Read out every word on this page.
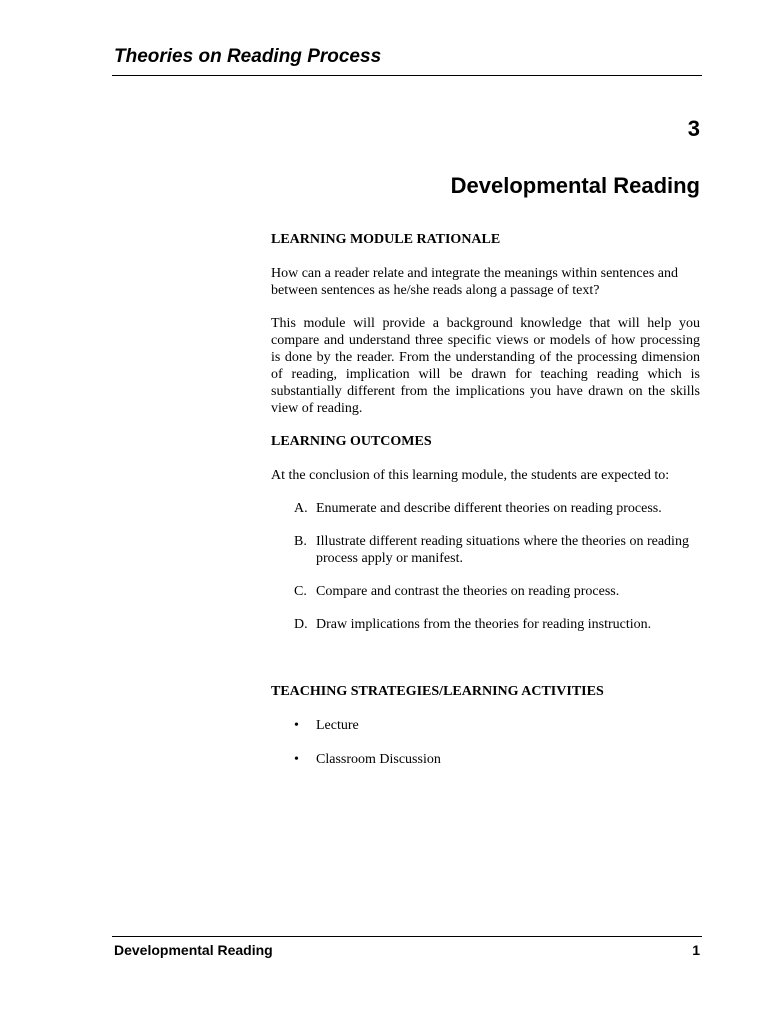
Theories on Reading Process

3

Developmental Reading
LEARNING MODULE RATIONALE

How can a reader relate and integrate the meanings within sentences and between sentences as he/she reads along a passage of text?

This module will provide a background knowledge that will help you compare and understand three specific views or models of how processing is done by the reader. From the understanding of the processing dimension of reading, implication will be drawn for teaching reading which is substantially different from the implications you have drawn on the skills view of reading.

LEARNING OUTCOMES

At the conclusion of this learning module, the students are expected to:

A. Enumerate and describe different theories on reading process.
B. Illustrate different reading situations where the theories on reading process apply or manifest.
C. Compare and contrast the theories on reading process.
D. Draw implications from the theories for reading instruction.
TEACHING STRATEGIES/LEARNING ACTIVITIES
•	Lecture
•	Classroom Discussion
Developmental Reading	1
